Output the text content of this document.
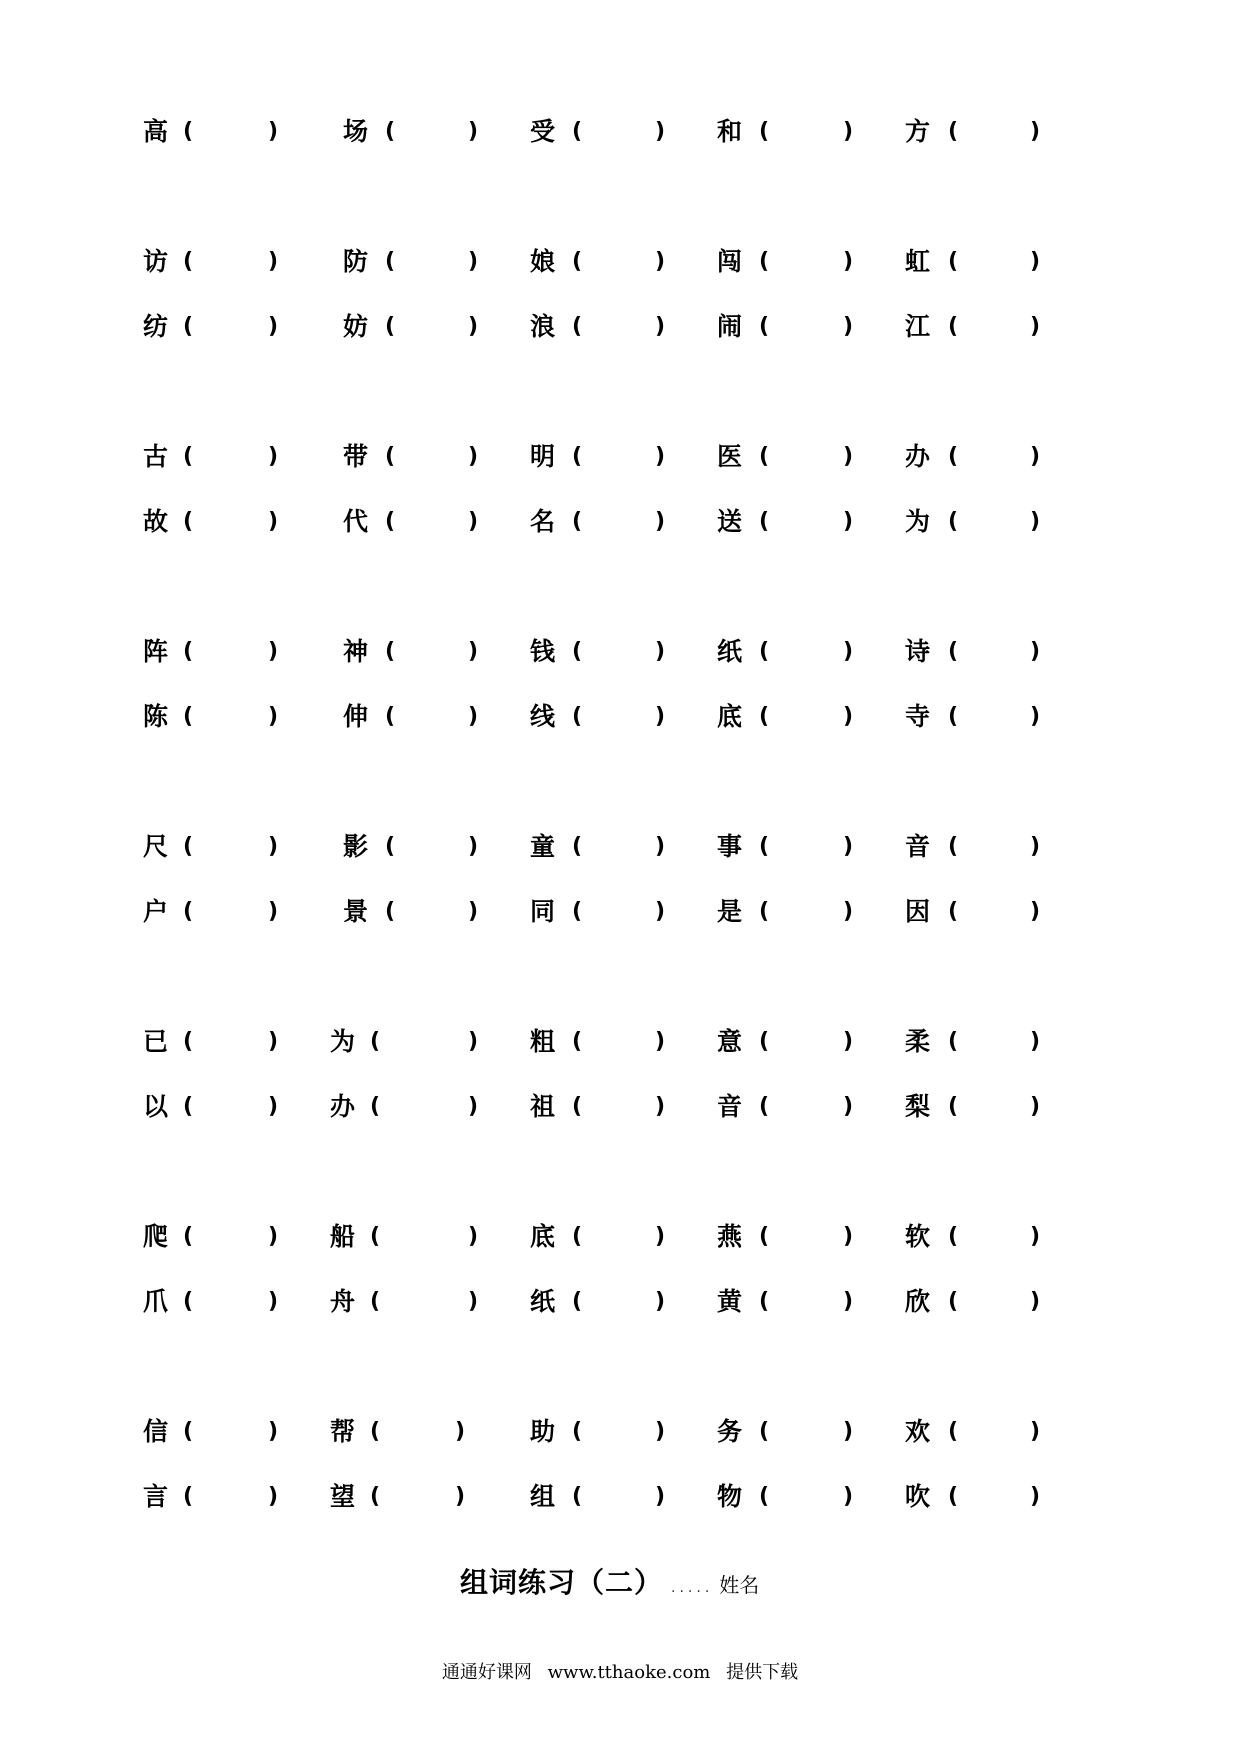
高 (	)	场 (	) 受 (	) 和 (	) 方 (	)
访 (	)	防 (	) 娘 (	) 闯 (	) 虹 (	)
纺 (	)	妨 (	) 浪 (	) 闹 (	) 江 (	)
古 (	)	带 (	) 明 (	) 医 (	) 办 (	)
故 (	)	代 (	) 名 (	) 送 (	) 为 (	)
阵 (	)	神 (	) 钱 (	) 纸 (	) 诗 (	)
陈 (	)	伸 (	) 线 (	) 底 (	) 寺 (	)
尺 (	)	影 (	) 童 (	) 事 (	) 音 (	)
户 (	)	景 (	) 同 (	) 是 (	) 因 (	)
已 (	) 为 (	) 粗 (	) 意 (	) 柔 (	)
以 (	) 办 (	) 祖 (	) 音 (	) 梨 (	)
爬 (	) 船 (	) 底 (	) 燕 (	) 软 (	)
爪 (	) 舟 (	) 纸 (	) 黄 (	) 欣 (	)
信 (	) 帮 (	)	助 (	) 务 (	) 欢 (	)
言 (	) 望 (	)	组 (	) 物 (	) 吹 (	)
组词练习（二） ..... 姓名
通通好课网 www.tthaoke.com 提供下载
